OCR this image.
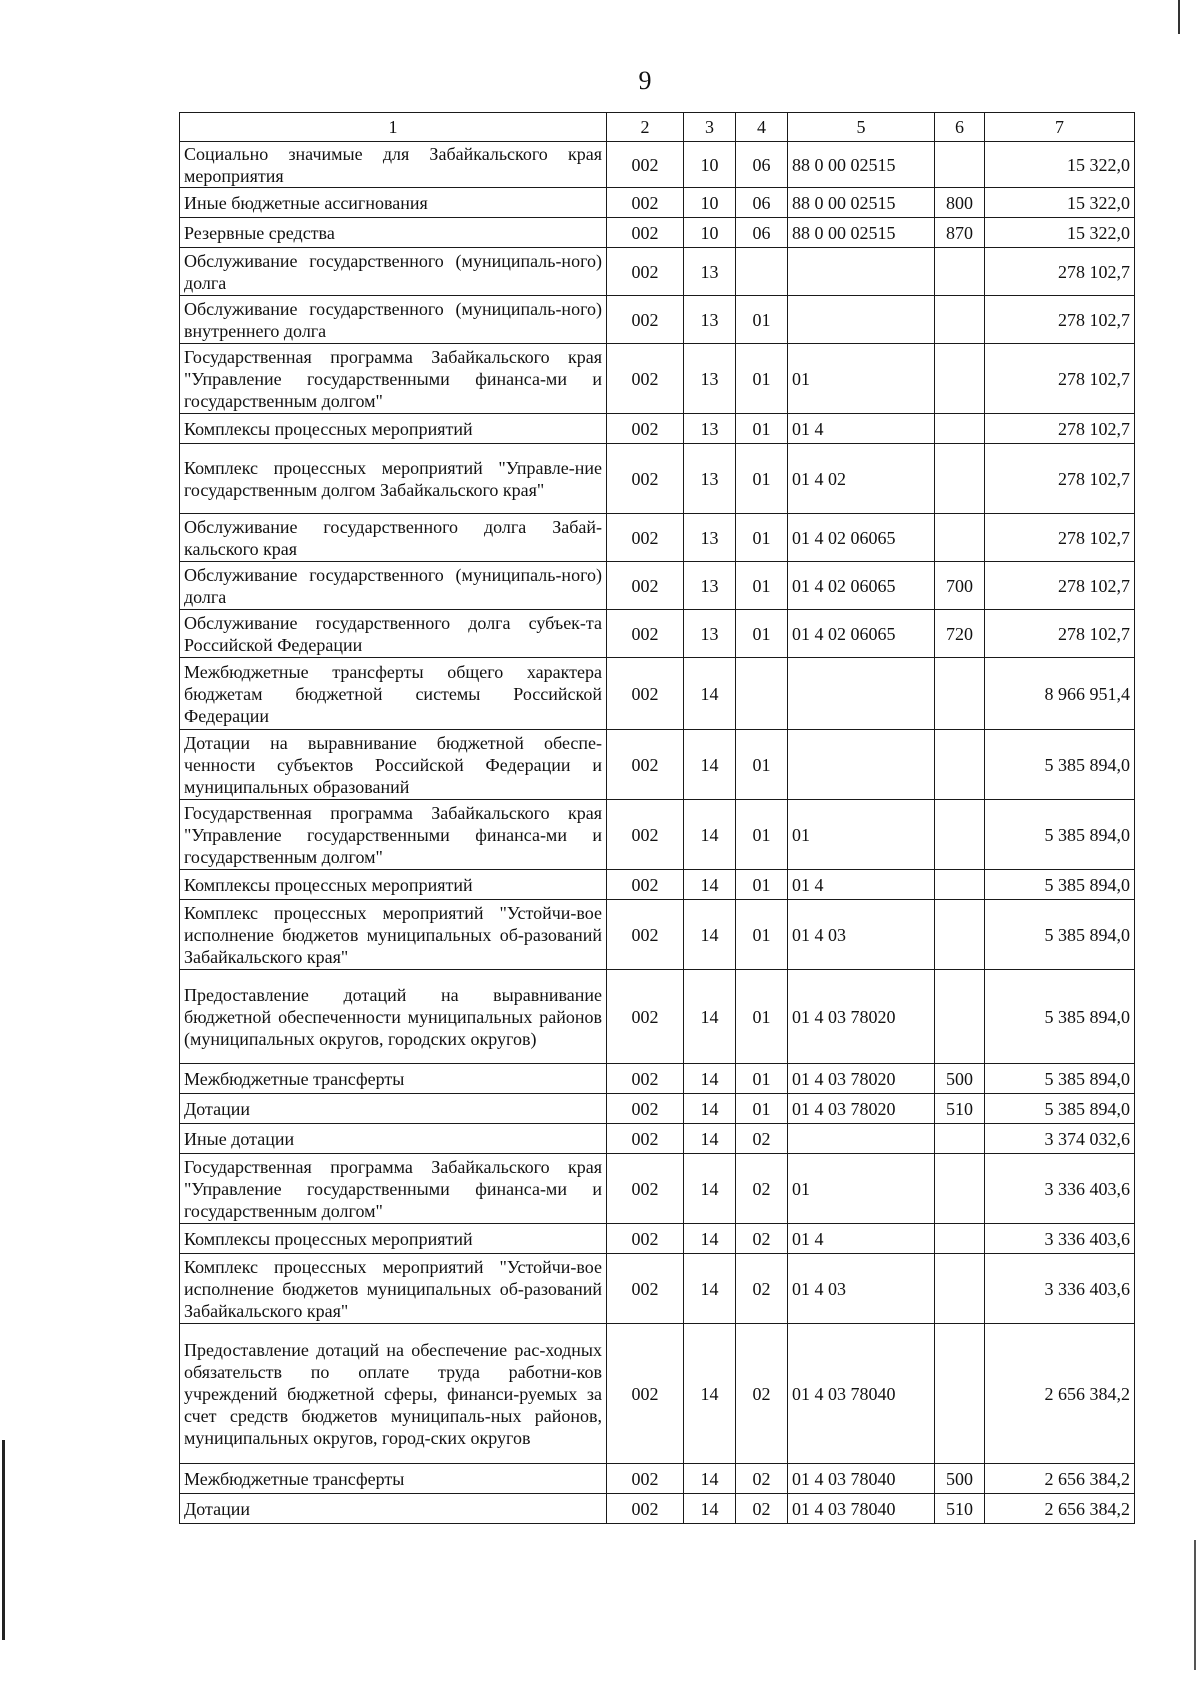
9
1	2	3	4	5	6	7
Социально значимые для Забайкальского края мероприятия	002	10	06	88 0 00 02515		15 322,0
Иные бюджетные ассигнования	002	10	06	88 0 00 02515	800	15 322,0
Резервные средства	002	10	06	88 0 00 02515	870	15 322,0
Обслуживание государственного (муниципаль-ного) долга	002	13				278 102,7
Обслуживание государственного (муниципаль-ного) внутреннего долга	002	13	01			278 102,7
Государственная программа Забайкальского края "Управление государственными финанса-ми и государственным долгом"	002	13	01	01		278 102,7
Комплексы процессных мероприятий	002	13	01	01 4		278 102,7
Комплекс процессных мероприятий "Управле-ние государственным долгом Забайкальского края"	002	13	01	01 4 02		278 102,7
Обслуживание государственного долга Забай-кальского края	002	13	01	01 4 02 06065		278 102,7
Обслуживание государственного (муниципаль-ного) долга	002	13	01	01 4 02 06065	700	278 102,7
Обслуживание государственного долга субъек-та Российской Федерации	002	13	01	01 4 02 06065	720	278 102,7
Межбюджетные трансферты общего характера бюджетам бюджетной системы Российской Федерации	002	14				8 966 951,4
Дотации на выравнивание бюджетной обеспе-ченности субъектов Российской Федерации и муниципальных образований	002	14	01			5 385 894,0
Государственная программа Забайкальского края "Управление государственными финанса-ми и государственным долгом"	002	14	01	01		5 385 894,0
Комплексы процессных мероприятий	002	14	01	01 4		5 385 894,0
Комплекс процессных мероприятий "Устойчи-вое исполнение бюджетов муниципальных об-разований Забайкальского края"	002	14	01	01 4 03		5 385 894,0
Предоставление дотаций на выравнивание бюджетной обеспеченности муниципальных районов (муниципальных округов, городских округов)	002	14	01	01 4 03 78020		5 385 894,0
Межбюджетные трансферты	002	14	01	01 4 03 78020	500	5 385 894,0
Дотации	002	14	01	01 4 03 78020	510	5 385 894,0
Иные дотации	002	14	02			3 374 032,6
Государственная программа Забайкальского края "Управление государственными финанса-ми и государственным долгом"	002	14	02	01		3 336 403,6
Комплексы процессных мероприятий	002	14	02	01 4		3 336 403,6
Комплекс процессных мероприятий "Устойчи-вое исполнение бюджетов муниципальных об-разований Забайкальского края"	002	14	02	01 4 03		3 336 403,6
Предоставление дотаций на обеспечение рас-ходных обязательств по оплате труда работни-ков учреждений бюджетной сферы, финанси-руемых за счет средств бюджетов муниципаль-ных районов, муниципальных округов, город-ских округов	002	14	02	01 4 03 78040		2 656 384,2
Межбюджетные трансферты	002	14	02	01 4 03 78040	500	2 656 384,2
Дотации	002	14	02	01 4 03 78040	510	2 656 384,2
